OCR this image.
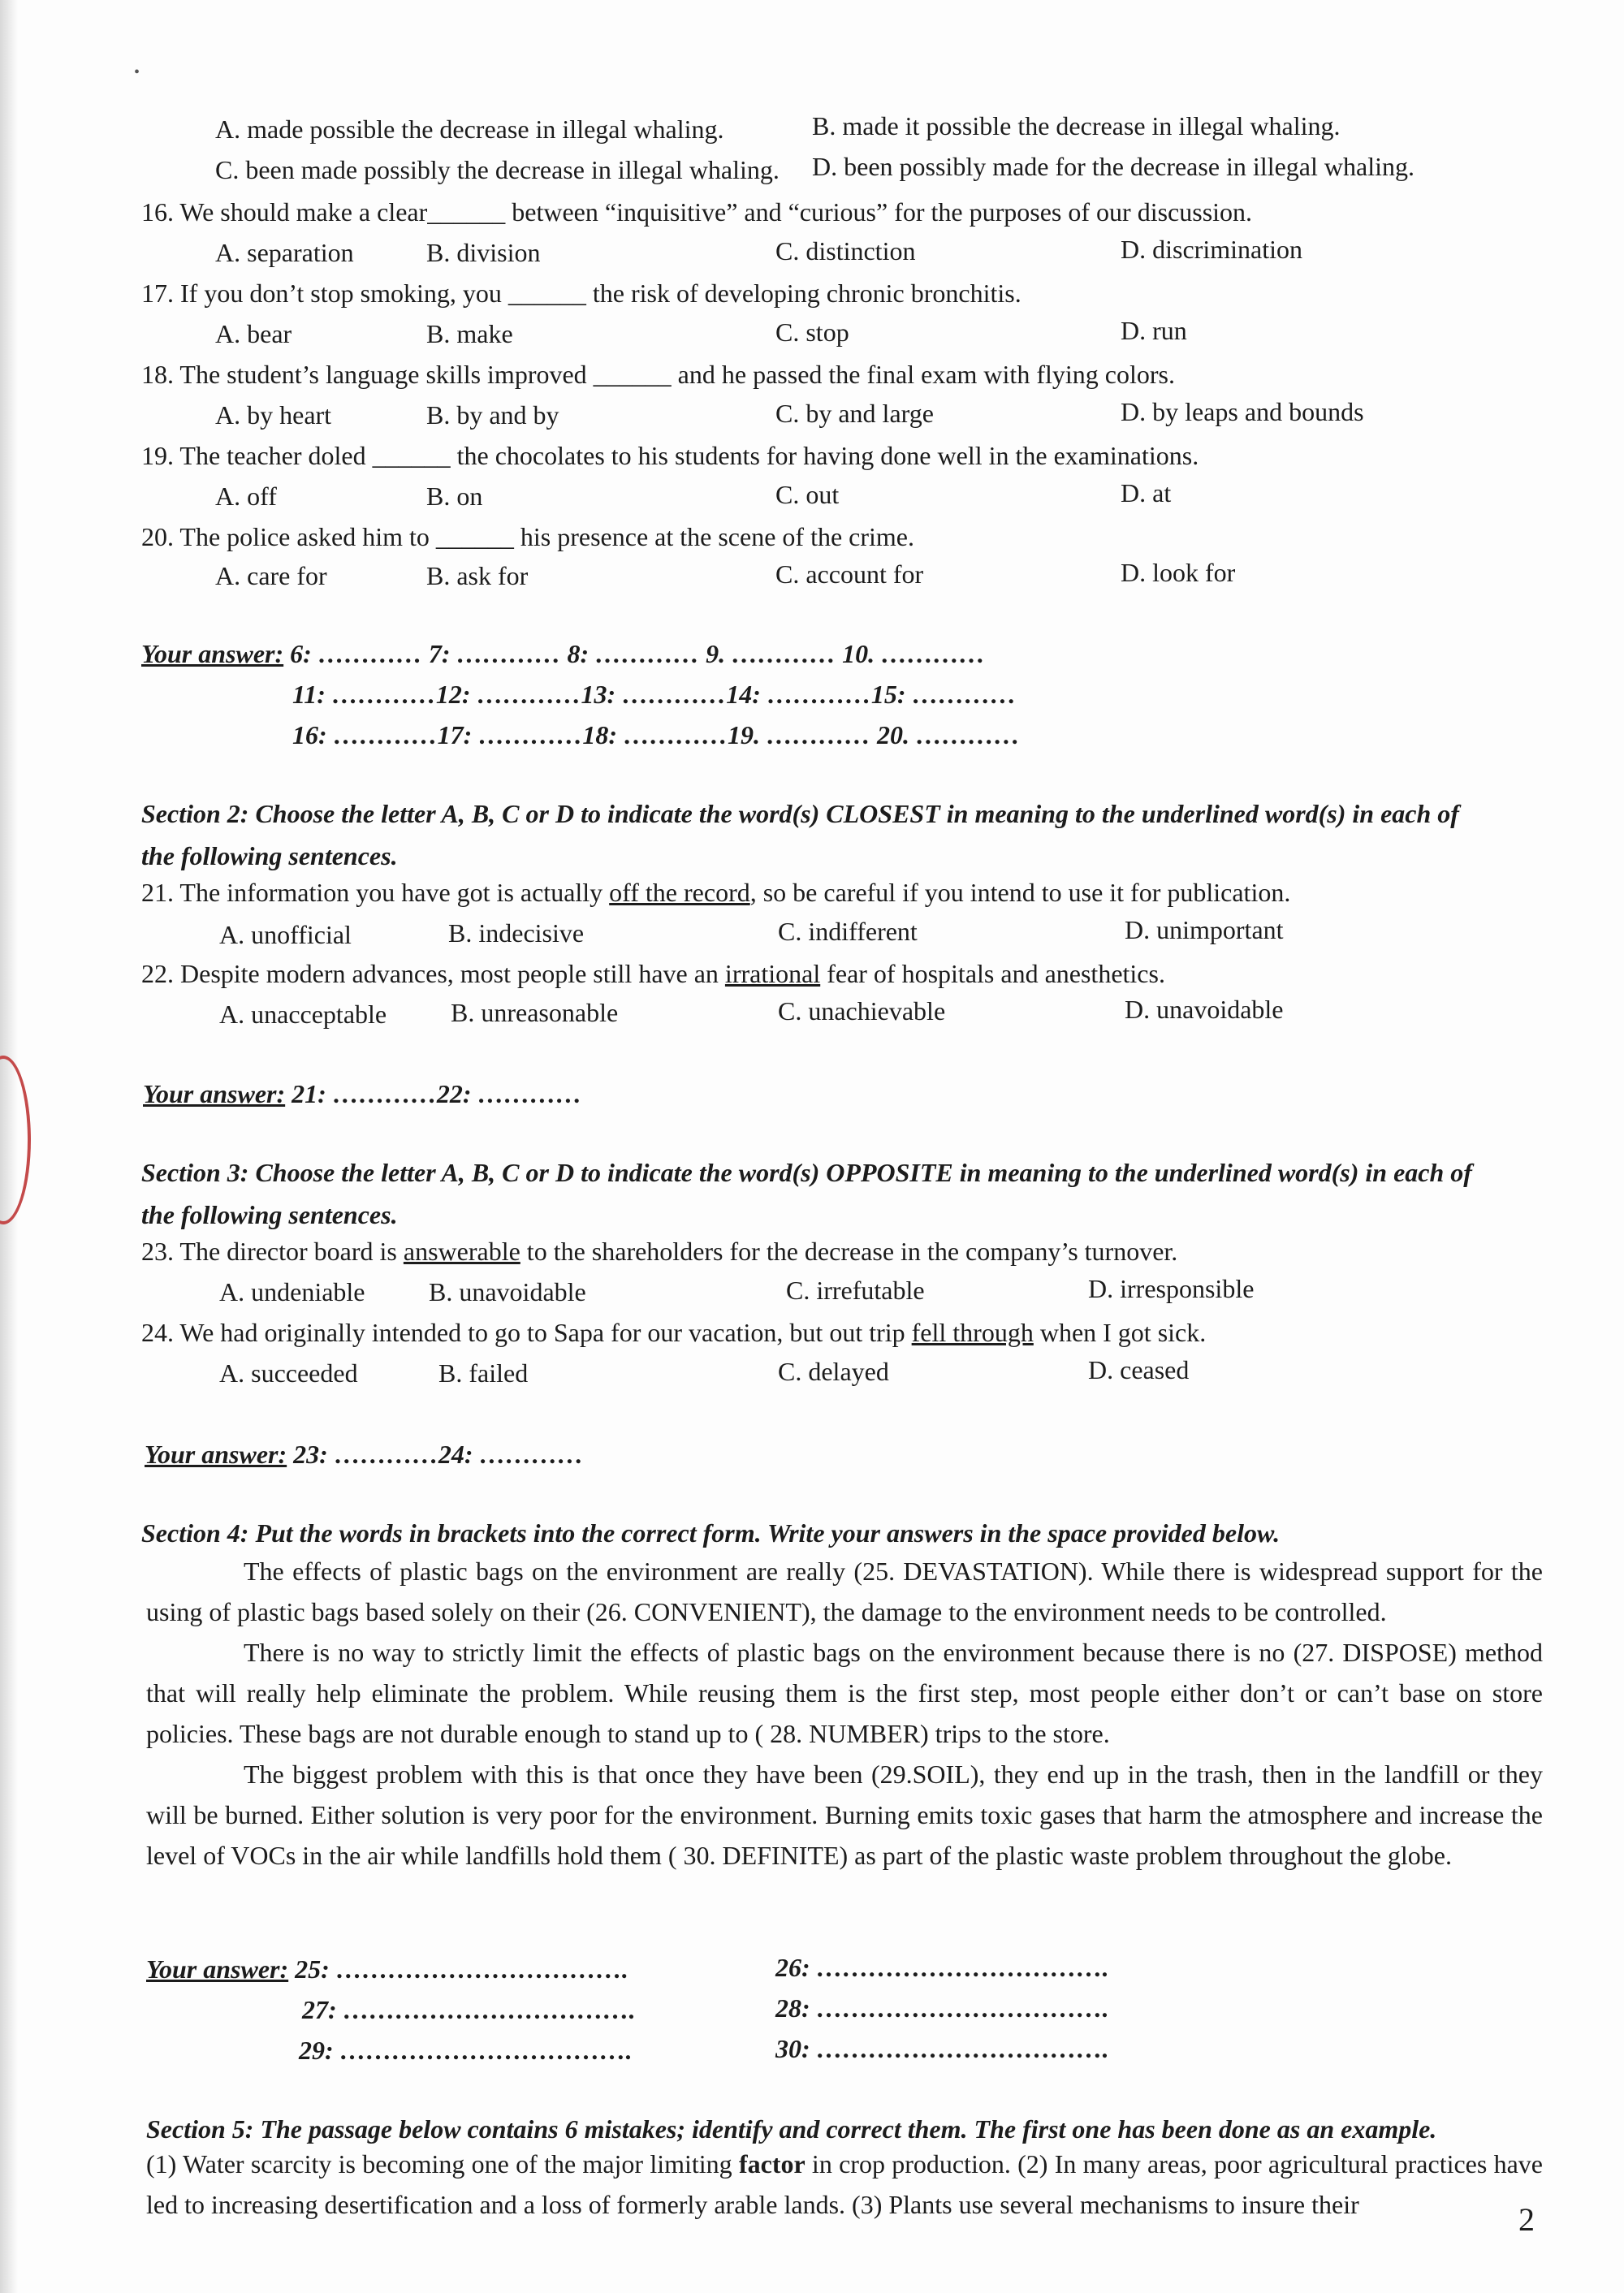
•
A. made possible the decrease in illegal whaling.	B. made it possible the decrease in illegal whaling.
C. been made possibly the decrease in illegal whaling. D. been possibly made for the decrease in illegal whaling.
16. We should make a clear______ between “inquisitive” and “curious” for the purposes of our discussion.
A. separation	B. division	C. distinction	D. discrimination
17. If you don’t stop smoking, you ______ the risk of developing chronic bronchitis.
A. bear	B. make	C. stop	D. run
18. The student’s language skills improved ______ and he passed the final exam with flying colors.
A. by heart	B. by and by	C. by and large	D. by leaps and bounds
19. The teacher doled ______ the chocolates to his students for having done well in the examinations.
A. off	B. on	C. out	D. at
20. The police asked him to ______ his presence at the scene of the crime.
A. care for	B. ask for	C. account for	D. look for
Your answer: 6: ………… 7: ………… 8: ………… 9. ………… 10. …………
11: …………12: …………13: …………14: …………15: …………
16: …………17: …………18: …………19. ………… 20. …………
Section 2: Choose the letter A, B, C or D to indicate the word(s) CLOSEST in meaning to the underlined word(s) in each of
the following sentences.
21. The information you have got is actually off the record, so be careful if you intend to use it for publication.
A. unofficial	B. indecisive	C. indifferent	D. unimportant
22. Despite modern advances, most people still have an irrational fear of hospitals and anesthetics.
A. unacceptable B. unreasonable	C. unachievable	D. unavoidable
Your answer: 21: …………22: …………
Section 3: Choose the letter A, B, C or D to indicate the word(s) OPPOSITE in meaning to the underlined word(s) in each of
the following sentences.
23. The director board is answerable to the shareholders for the decrease in the company’s turnover.
A. undeniable B. unavoidable	C. irrefutable	D. irresponsible
24. We had originally intended to go to Sapa for our vacation, but out trip fell through when I got sick.
A. succeeded	B. failed	C. delayed	D. ceased
Your answer: 23: …………24: …………
Section 4: Put the words in brackets into the correct form. Write your answers in the space provided below.

The effects of plastic bags on the environment are really (25. DEVASTATION). While there is widespread support for the using of plastic bags based solely on their (26. CONVENIENT), the damage to the environment needs to be controlled.

There is no way to strictly limit the effects of plastic bags on the environment because there is no (27. DISPOSE) method that will really help eliminate the problem. While reusing them is the first step, most people either don’t or can’t base on store policies. These bags are not durable enough to stand up to ( 28. NUMBER) trips to the store.

The biggest problem with this is that once they have been (29.SOIL), they end up in the trash, then in the landfill or they will be burned. Either solution is very poor for the environment. Burning emits toxic gases that harm the atmosphere and increase the level of VOCs in the air while landfills hold them ( 30. DEFINITE) as part of the plastic waste problem throughout the globe.

Your answer: 25: …………………………….	26: …………………………….
27: …………………………….	28: …………………………….
29: …………………………….	30: …………………………….
Section 5: The passage below contains 6 mistakes; identify and correct them. The first one has been done as an example.
(1) Water scarcity is becoming one of the major limiting factor in crop production. (2) In many areas, poor agricultural practices have led to increasing desertification and a loss of formerly arable lands. (3) Plants use several mechanisms to insure their	2
